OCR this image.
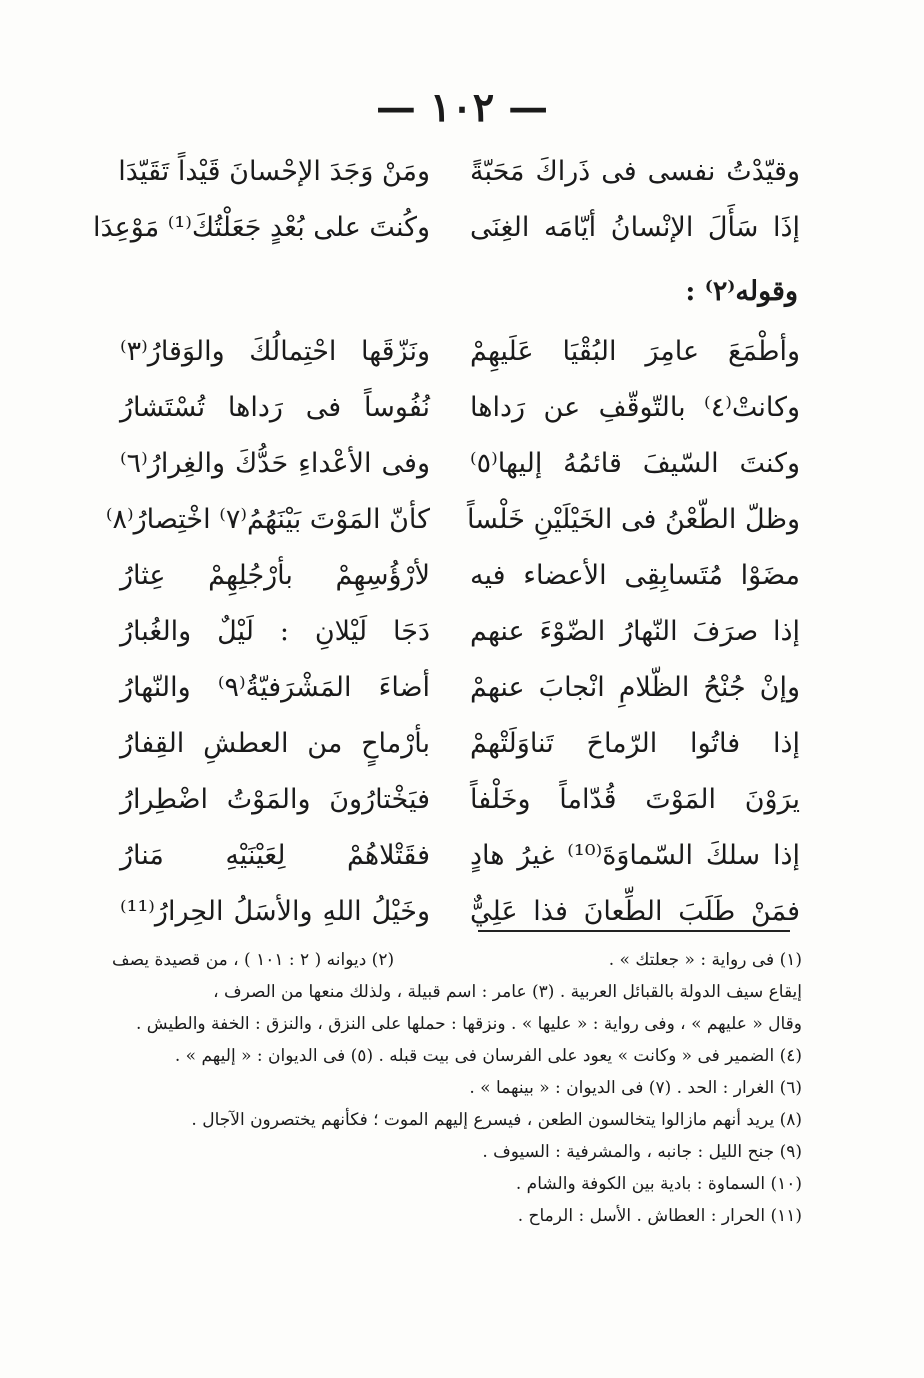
— ١٠٢ —
وقيّدْتُ نفسى فى ذَراكَ مَحَبّةً
ومَنْ وَجَدَ الإحْسانَ قَيْداً تَقَيّدَا
إذَا سَأَلَ الإنْسانُ أيّامَه الغِنَى
وكُنتَ على بُعْدٍ جَعَلْتُكَ⁽¹⁾ مَوْعِدَا
وقوله⁽٢⁾ :
وأطْمَعَ عامِرَ البُقْيَا عَلَيهِمْ
ونَزّقَها احْتِمالُكَ والوَقارُ⁽٣⁾
وكانتْ⁽٤⁾ بالتّوقّفِ عن رَداها
نُفُوساً فى رَداها تُسْتَشارُ
وكنتَ السّيفَ قائمُهُ إليها⁽٥⁾
وفى الأعْداءِ حَدُّكَ والغِرارُ⁽٦⁾
وظلّ الطّعْنُ فى الخَيْلَيْنِ خَلْساً
كأنّ المَوْتَ بَيْنَهُمُ⁽٧⁾ اخْتِصارُ⁽٨⁾
مضَوْا مُتَسابِقِى الأعضاء فيه
لأرْؤُسِهِمْ بأرْجُلِهِمْ عِثارُ
إذا صرَفَ النّهارُ الضّوْءَ عنهم
دَجَا لَيْلانِ : لَيْلٌ والغُبارُ
وإنْ جُنْحُ الظّلامِ انْجابَ عنهمْ
أضاءَ المَشْرَفيّةُ⁽٩⁾ والنّهارُ
إذا فاتُوا الرّماحَ تَناوَلَتْهمْ
بأرْماحٍ من العطشِ القِفارُ
يرَوْنَ المَوْتَ قُدّاماً وخَلْفاً
فيَخْتارُونَ والمَوْتُ اضْطِرارُ
إذا سلكَ السّماوَةَ⁽¹⁰⁾ غيرُ هادٍ
فقَتْلاهُمْ لِعَيْنَيْهِ مَنارُ
فمَنْ طَلَبَ الطِّعانَ فذا عَلِيٌّ
وخَيْلُ اللهِ والأسَلُ الحِرارُ⁽¹¹⁾
(١) فى رواية : « جعلتك » .
(٢) ديوانه ( ٢ : ١٠١ ) ، من قصيدة يصف
إيقاع سيف الدولة بالقبائل العربية . (٣) عامر : اسم قبيلة ، ولذلك منعها من الصرف ،
وقال « عليهم » ، وفى رواية : « عليها » . ونزقها : حملها على النزق ، والنزق : الخفة والطيش .
(٤) الضمير فى « وكانت » يعود على الفرسان فى بيت قبله . (٥) فى الديوان : « إليهم » .
(٦) الغرار : الحد . (٧) فى الديوان : « بينهما » .
(٨) يريد أنهم مازالوا يتخالسون الطعن ، فيسرع إليهم الموت ؛ فكأنهم يختصرون الآجال .
(٩) جنح الليل : جانبه ، والمشرفية : السيوف .
(١٠) السماوة : بادية بين الكوفة والشام .
(١١) الحرار : العطاش . الأسل : الرماح .
